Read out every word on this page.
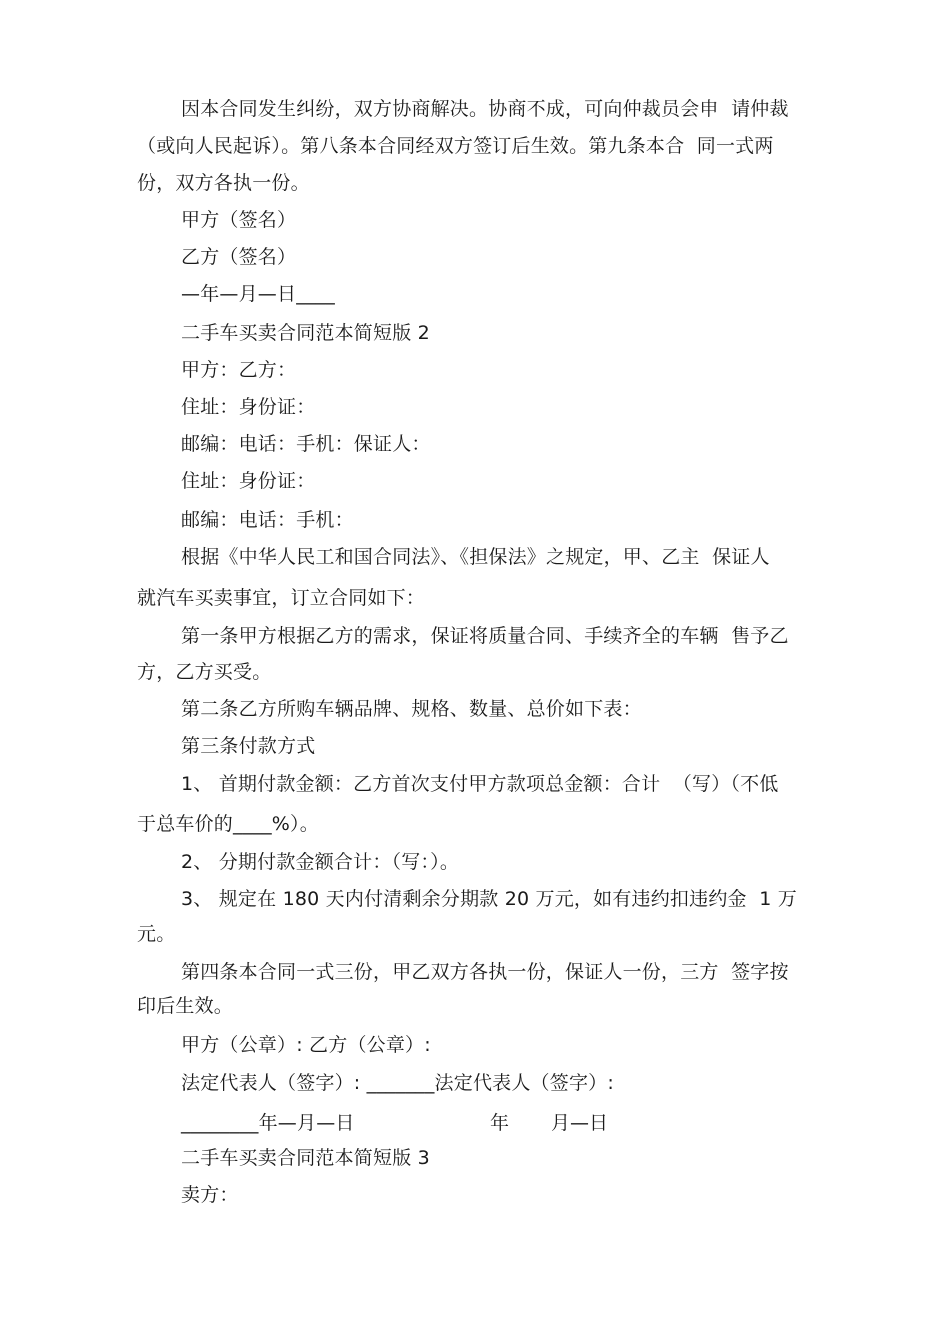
因本合同发生纠纷，双方协商解决。协商不成，可向仲裁员会申  请仲裁
（或向人民起诉）。第八条本合同经双方签订后生效。第九条本合  同一式两
份，双方各执一份。
甲方（签名）
乙方（签名）
—年—月—日____
二手车买卖合同范本简短版 2
甲方：乙方：
住址：身份证：
邮编：电话：手机：保证人：
住址：身份证：
邮编：电话：手机：
根据《中华人民工和国合同法》、《担保法》之规定，甲、乙主  保证人
就汽车买卖事宜，订立合同如下：
第一条甲方根据乙方的需求，保证将质量合同、手续齐全的车辆  售予乙
方，乙方买受。
第二条乙方所购车辆品牌、规格、数量、总价如下表：
第三条付款方式
1、 首期付款金额：乙方首次支付甲方款项总金额：合计  （写）（不低
于总车价的____%）。
2、 分期付款金额合计：（写：）。
3、 规定在 180 天内付清剩余分期款 20 万元，如有违约扣违约金  1 万
元。
第四条本合同一式三份，甲乙双方各执一份，保证人一份，三方  签字按
印后生效。
甲方（公章）: 乙方（公章）:
法定代表人（签字）: _______法定代表人（签字）:
________年—月—日	年 月—日
二手车买卖合同范本简短版 3
卖方：
